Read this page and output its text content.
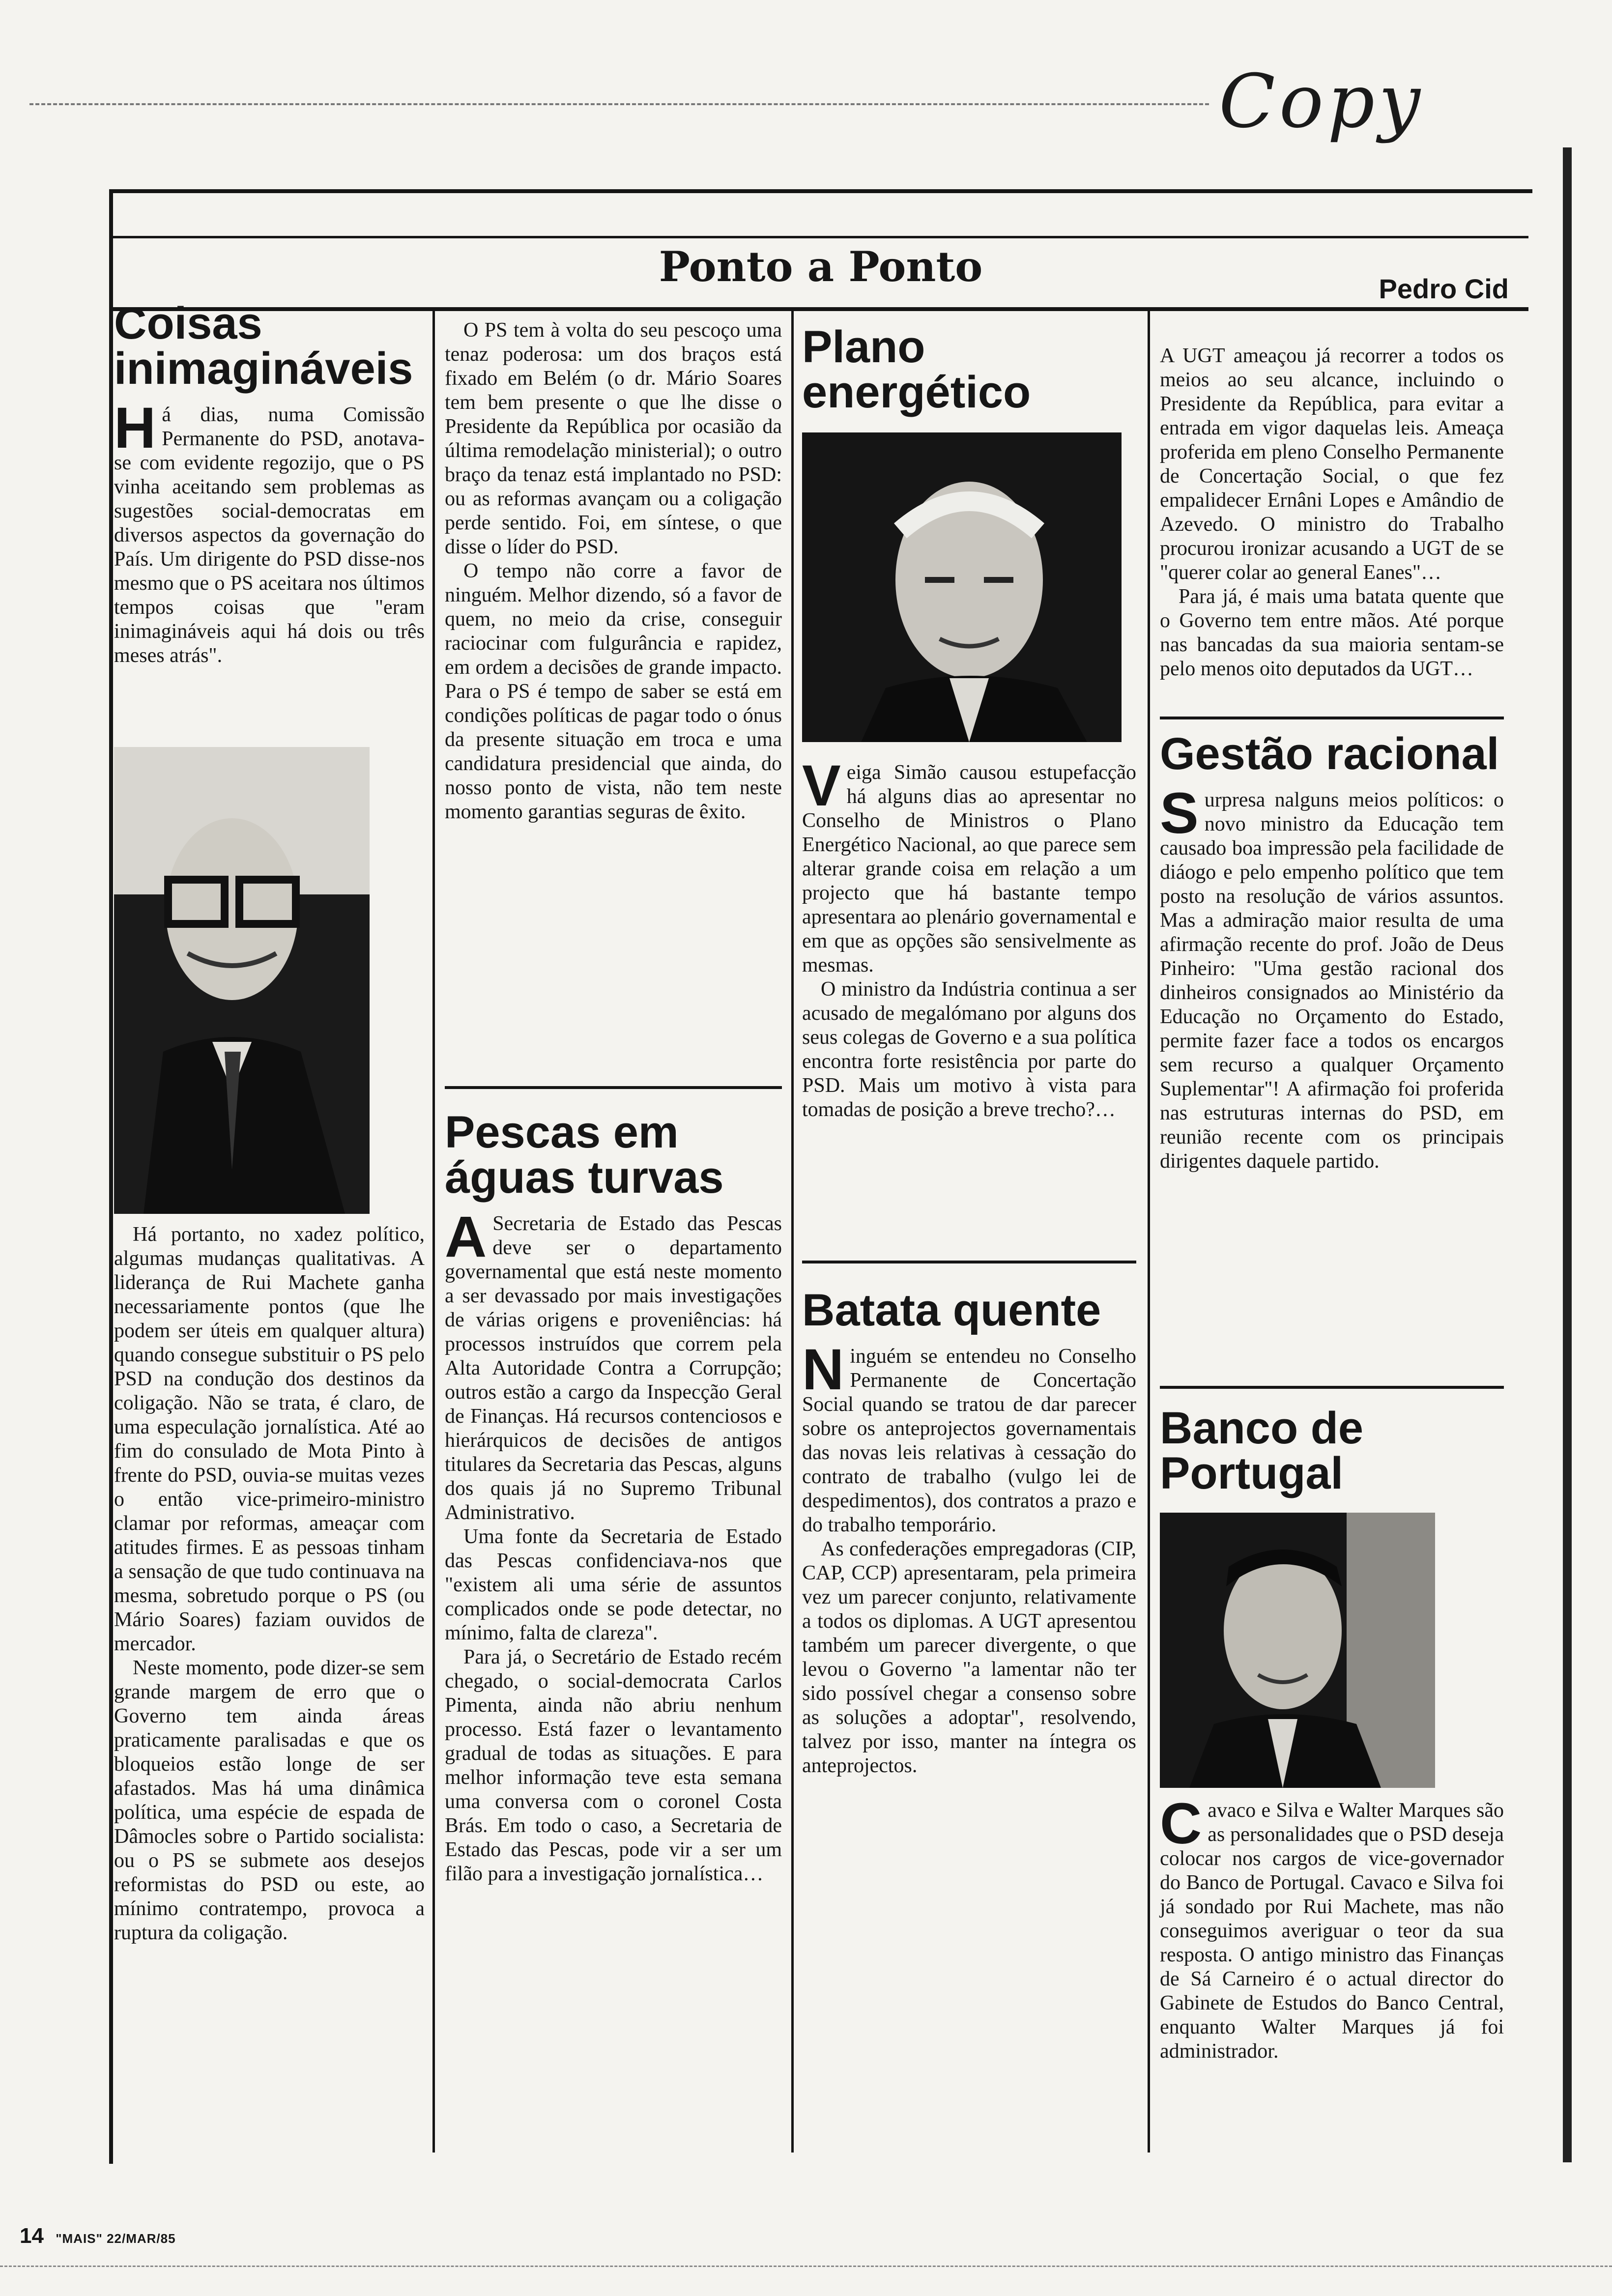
Copy
Ponto a Ponto	Pedro Cid
Coisas inimagináveis

Há dias, numa Comissão Permanente do PSD, anotava-se com evidente regozijo, que o PS vinha aceitando sem problemas as sugestões social-democratas em diversos aspectos da governação do País. Um dirigente do PSD disse-nos mesmo que o PS aceitara nos últimos tempos coisas que "eram inimagináveis aqui há dois ou três meses atrás".

Há portanto, no xadez político, algumas mudanças qualitativas. A liderança de Rui Machete ganha necessariamente pontos (que lhe podem ser úteis em qualquer altura) quando consegue substituir o PS pelo PSD na condução dos destinos da coligação. Não se trata, é claro, de uma especulação jornalística. Até ao fim do consulado de Mota Pinto à frente do PSD, ouvia-se muitas vezes o então vice-primeiro-ministro clamar por reformas, ameaçar com atitudes firmes. E as pessoas tinham a sensação de que tudo continuava na mesma, sobretudo porque o PS (ou Mário Soares) faziam ouvidos de mercador.

Neste momento, pode dizer-se sem grande margem de erro que o Governo tem ainda áreas praticamente paralisadas e que os bloqueios estão longe de ser afastados. Mas há uma dinâmica política, uma espécie de espada de Dâmocles sobre o Partido socialista: ou o PS se submete aos desejos reformistas do PSD ou este, ao mínimo contratempo, provoca a ruptura da coligação.

O PS tem à volta do seu pescoço uma tenaz poderosa: um dos braços está fixado em Belém (o dr. Mário Soares tem bem presente o que lhe disse o Presidente da República por ocasião da última remodelação ministerial); o outro braço da tenaz está implantado no PSD: ou as reformas avançam ou a coligação perde sentido. Foi, em síntese, o que disse o líder do PSD.

O tempo não corre a favor de ninguém. Melhor dizendo, só a favor de quem, no meio da crise, conseguir raciocinar com fulgurância e rapidez, em ordem a decisões de grande impacto. Para o PS é tempo de saber se está em condições políticas de pagar todo o ónus da presente situação em troca e uma candidatura presidencial que ainda, do nosso ponto de vista, não tem neste momento garantias seguras de êxito.

Pescas em águas turvas

A Secretaria de Estado das Pescas deve ser o departamento governamental que está neste momento a ser devassado por mais investigações de várias origens e proveniências: há processos instruídos que correm pela Alta Autoridade Contra a Corrupção; outros estão a cargo da Inspecção Geral de Finanças. Há recursos contenciosos e hierárquicos de decisões de antigos titulares da Secretaria das Pescas, alguns dos quais já no Supremo Tribunal Administrativo.

Uma fonte da Secretaria de Estado das Pescas confidenciava-nos que "existem ali uma série de assuntos complicados onde se pode detectar, no mínimo, falta de clareza".

Para já, o Secretário de Estado recém chegado, o social-democrata Carlos Pimenta, ainda não abriu nenhum processo. Está fazer o levantamento gradual de todas as situações. E para melhor informação teve esta semana uma conversa com o coronel Costa Brás. Em todo o caso, a Secretaria de Estado das Pescas, pode vir a ser um filão para a investigação jornalística…

Plano energético

Veiga Simão causou estupefacção há alguns dias ao apresentar no Conselho de Ministros o Plano Energético Nacional, ao que parece sem alterar grande coisa em relação a um projecto que há bastante tempo apresentara ao plenário governamental e em que as opções são sensivelmente as mesmas.

O ministro da Indústria continua a ser acusado de megalómano por alguns dos seus colegas de Governo e a sua política encontra forte resistência por parte do PSD. Mais um motivo à vista para tomadas de posição a breve trecho?…

Batata quente

Ninguém se entendeu no Conselho Permanente de Concertação Social quando se tratou de dar parecer sobre os anteprojectos governamentais das novas leis relativas à cessação do contrato de trabalho (vulgo lei de despedimentos), dos contratos a prazo e do trabalho temporário.

As confederações empregadoras (CIP, CAP, CCP) apresentaram, pela primeira vez um parecer conjunto, relativamente a todos os diplomas. A UGT apresentou também um parecer divergente, o que levou o Governo "a lamentar não ter sido possível chegar a consenso sobre as soluções a adoptar", resolvendo, talvez por isso, manter na íntegra os anteprojectos.

A UGT ameaçou já recorrer a todos os meios ao seu alcance, incluindo o Presidente da República, para evitar a entrada em vigor daquelas leis. Ameaça proferida em pleno Conselho Permanente de Concertação Social, o que fez empalidecer Ernâni Lopes e Amândio de Azevedo. O ministro do Trabalho procurou ironizar acusando a UGT de se "querer colar ao general Eanes"…

Para já, é mais uma batata quente que o Governo tem entre mãos. Até porque nas bancadas da sua maioria sentam-se pelo menos oito deputados da UGT…

Gestão racional

Surpresa nalguns meios políticos: o novo ministro da Educação tem causado boa impressão pela facilidade de diáogo e pelo empenho político que tem posto na resolução de vários assuntos. Mas a admiração maior resulta de uma afirmação recente do prof. João de Deus Pinheiro: "Uma gestão racional dos dinheiros consignados ao Ministério da Educação no Orçamento do Estado, permite fazer face a todos os encargos sem recurso a qualquer Orçamento Suplementar"! A afirmação foi proferida nas estruturas internas do PSD, em reunião recente com os principais dirigentes daquele partido.

Banco de Portugal

Cavaco e Silva e Walter Marques são as personalidades que o PSD deseja colocar nos cargos de vice-governador do Banco de Portugal. Cavaco e Silva foi já sondado por Rui Machete, mas não conseguimos averiguar o teor da sua resposta. O antigo ministro das Finanças de Sá Carneiro é o actual director do Gabinete de Estudos do Banco Central, enquanto Walter Marques já foi administrador.

14 "MAIS" 22/MAR/85
